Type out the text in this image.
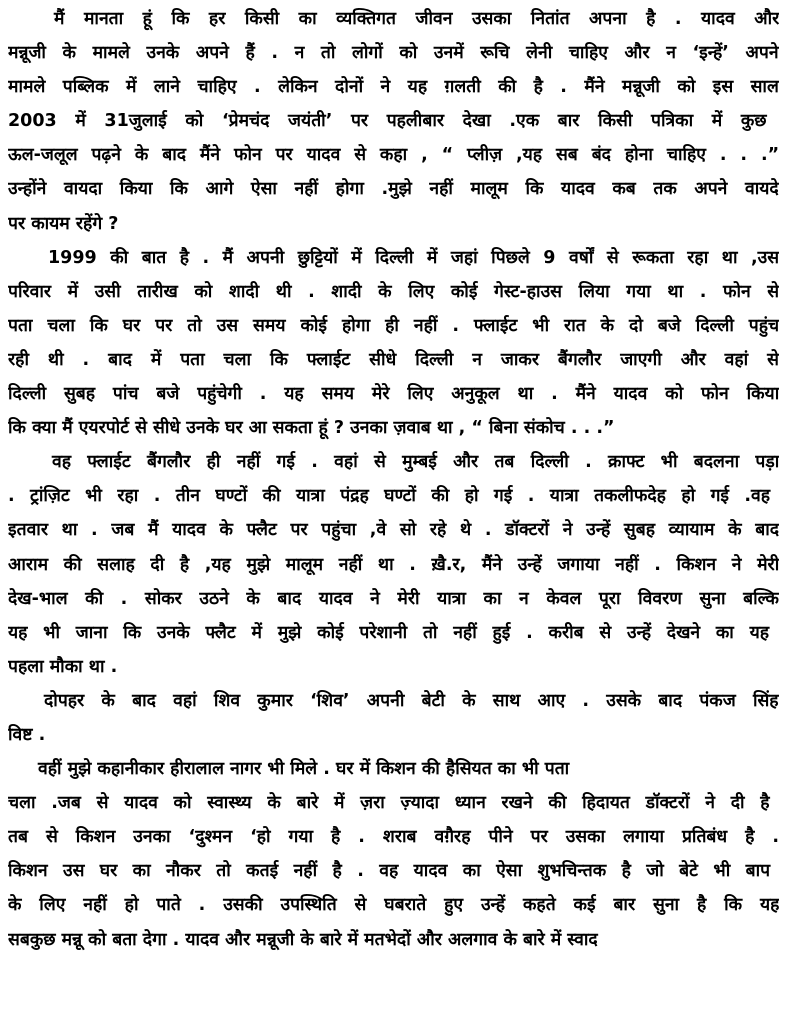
मैं मानता हूं कि हर किसी का व्यक्तिगत जीवन उसका नितांत अपना है . यादव और
मन्नूजी के मामले उनके अपने हैं . न तो लोगों को उनमें रूचि लेनी चाहिए और न ‘इन्हें’ अपने
मामले पब्लिक में लाने चाहिए . लेकिन दोनों ने यह ग़लती की है . मैंने मन्नूजी को इस साल
2003 में 31जुलाई को ‘प्रेमचंद जयंती’ पर पहलीबार देखा .एक बार किसी पत्रिका में कुछ
ऊल-जलूल पढ़ने के बाद मैंने फोन पर यादव से कहा , “ प्लीज़ ,यह सब बंद होना चाहिए . . .”
उन्होंने वायदा किया कि आगे ऐसा नहीं होगा .मुझे नहीं मालूम कि यादव कब तक अपने वायदे
पर कायम रहेंगे ?

1999 की बात है . मैं अपनी छुट्टियों में दिल्ली में जहां पिछले 9 वर्षों से रूकता रहा था ,उस
परिवार में उसी तारीख को शादी थी . शादी के लिए कोई गेस्ट-हाउस लिया गया था . फोन से
पता चला कि घर पर तो उस समय कोई होगा ही नहीं . फ्लाईट भी रात के दो बजे दिल्ली पहुंच
रही थी . बाद में पता चला कि फ्लाईट सीधे दिल्ली न जाकर बैंगलौर जाएगी और वहां से
दिल्ली सुबह पांच बजे पहुंचेगी . यह समय मेरे लिए अनुकूल था . मैंने यादव को फोन किया
कि क्या मैं एयरपोर्ट से सीधे उनके घर आ सकता हूं ? उनका ज़वाब था , “ बिना संकोच . . .”

वह फ्लाईट बैंगलौर ही नहीं गई . वहां से मुम्बई और तब दिल्ली . क्राफ्ट भी बदलना पड़ा
. ट्रांज़िट भी रहा . तीन घण्टों की यात्रा पंद्रह घण्टों की हो गई . यात्रा तकलीफदेह हो गई .वह
इतवार था . जब मैं यादव के फ्लैट पर पहुंचा ,वे सो रहे थे . डॉक्टरों ने उन्हें सुबह व्यायाम के बाद
आराम की सलाह दी है ,यह मुझे मालूम नहीं था . ख़ै.र, मैंने उन्हें जगाया नहीं . किशन ने मेरी
देख-भाल की . सोकर उठने के बाद यादव ने मेरी यात्रा का न केवल पूरा विवरण सुना बल्कि
यह भी जाना कि उनके फ्लैट में मुझे कोई परेशानी तो नहीं हुई . करीब से उन्हें देखने का यह
पहला मौका था .

दोपहर के बाद वहां शिव कुमार ‘शिव’ अपनी बेटी के साथ आए . उसके बाद पंकज सिंह
विष्ट .

वहीं मुझे कहानीकार हीरालाल नागर भी मिले . घर में किशन की हैसियत का भी पता
चला .जब से यादव को स्वास्थ्य के बारे में ज़रा ज़्यादा ध्यान रखने की हिदायत डॉक्टरों ने दी है
तब से किशन उनका ‘दुश्मन ‘हो गया है . शराब वग़ैरह पीने पर उसका लगाया प्रतिबंध है .
किशन उस घर का नौकर तो कतई नहीं है . वह यादव का ऐसा शुभचिन्तक है जो बेटे भी बाप
के लिए नहीं हो पाते . उसकी उपस्थिति से घबराते हुए उन्हें कहते कई बार सुना है कि यह
सबकुछ मन्नू को बता देगा . यादव और मन्नूजी के बारे में मतभेदों और अलगाव के बारे में स्वाद
